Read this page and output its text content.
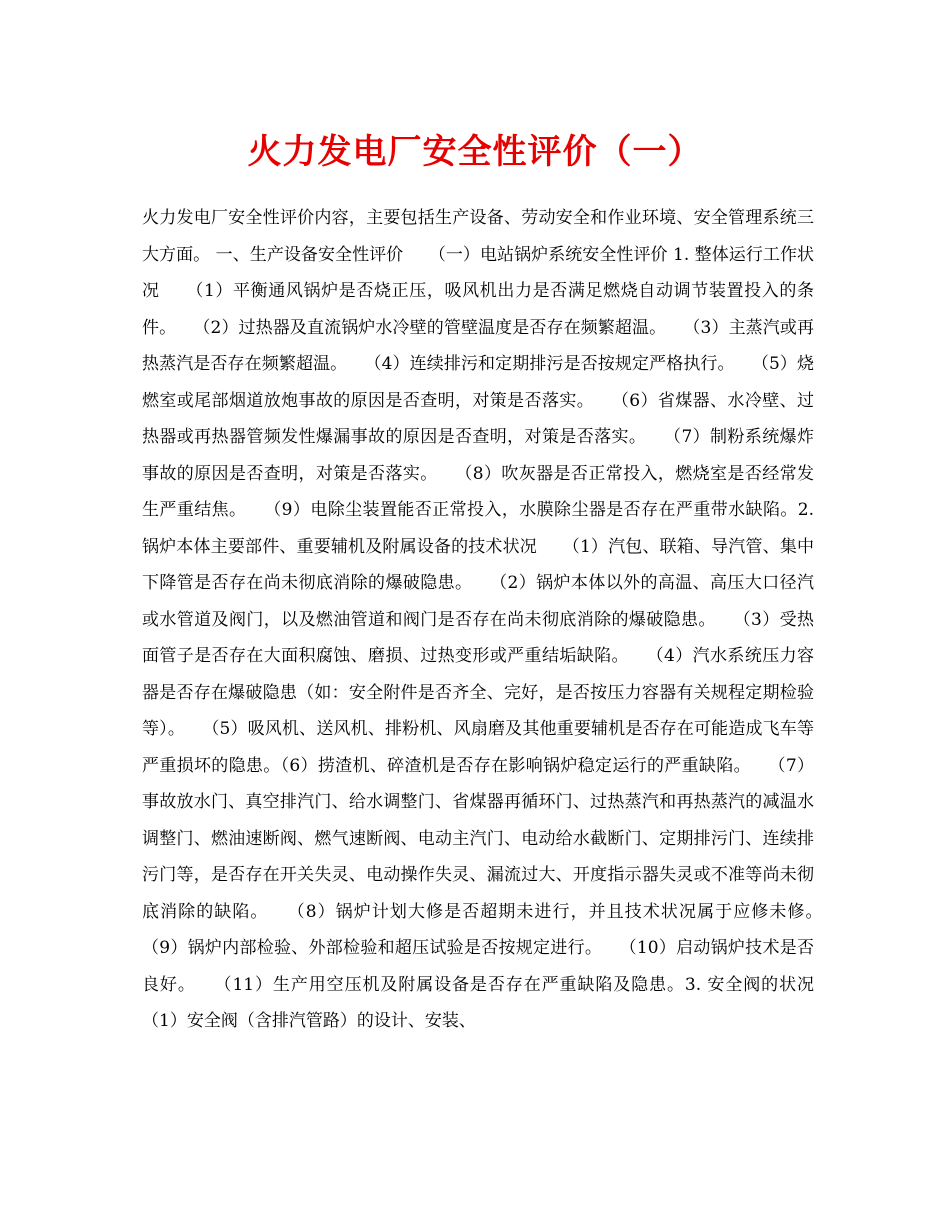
火力发电厂安全性评价（一）
火力发电厂安全性评价内容，主要包括生产设备、劳动安全和作业环境、安全管理系统三大方面。 一、生产设备安全性评价　　（一）电站锅炉系统安全性评价 1. 整体运行工作状况　　（1）平衡通风锅炉是否烧正压，吸风机出力是否满足燃烧自动调节装置投入的条件。　　（2）过热器及直流锅炉水冷壁的管壁温度是否存在频繁超温。　　（3）主蒸汽或再热蒸汽是否存在频繁超温。　　（4）连续排污和定期排污是否按规定严格执行。　　（5）烧燃室或尾部烟道放炮事故的原因是否查明，对策是否落实。　　（6）省煤器、水冷壁、过热器或再热器管频发性爆漏事故的原因是否查明，对策是否落实。　　（7）制粉系统爆炸事故的原因是否查明，对策是否落实。　　（8）吹灰器是否正常投入，燃烧室是否经常发生严重结焦。　　（9）电除尘装置能否正常投入，水膜除尘器是否存在严重带水缺陷。2. 锅炉本体主要部件、重要辅机及附属设备的技术状况　　（1）汽包、联箱、导汽管、集中下降管是否存在尚未彻底消除的爆破隐患。　　（2）锅炉本体以外的高温、高压大口径汽或水管道及阀门，以及燃油管道和阀门是否存在尚未彻底消除的爆破隐患。　　（3）受热面管子是否存在大面积腐蚀、磨损、过热变形或严重结垢缺陷。　　（4）汽水系统压力容器是否存在爆破隐患（如：安全附件是否齐全、完好，是否按压力容器有关规程定期检验等）。　　（5）吸风机、送风机、排粉机、风扇磨及其他重要辅机是否存在可能造成飞车等严重损坏的隐患。（6）捞渣机、碎渣机是否存在影响锅炉稳定运行的严重缺陷。　　（7）事故放水门、真空排汽门、给水调整门、省煤器再循环门、过热蒸汽和再热蒸汽的减温水调整门、燃油速断阀、燃气速断阀、电动主汽门、电动给水截断门、定期排污门、连续排污门等，是否存在开关失灵、电动操作失灵、漏流过大、开度指示器失灵或不准等尚未彻底消除的缺陷。　　（8）锅炉计划大修是否超期未进行，并且技术状况属于应修未修。　　（9）锅炉内部检验、外部检验和超压试验是否按规定进行。　　（10）启动锅炉技术是否良好。　　（11）生产用空压机及附属设备是否存在严重缺陷及隐患。3. 安全阀的状况　　（1）安全阀（含排汽管路）的设计、安装、
